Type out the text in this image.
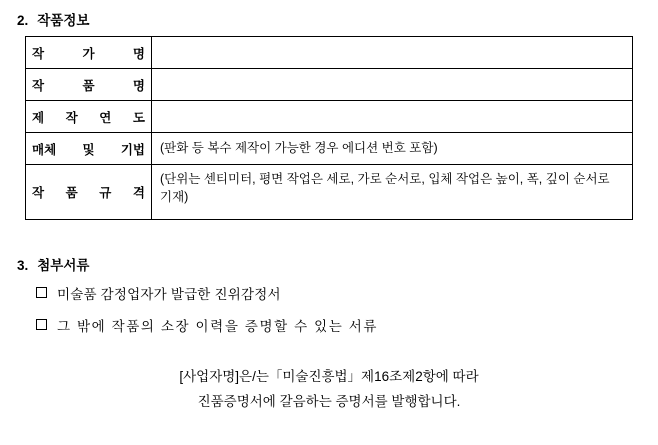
2. 작품정보
작 가 명	
작 품 명	
제 작 연 도	
매체 및 기법	(판화 등 복수 제작이 가능한 경우 에디션 번호 포함)
작 품 규 격	(단위는 센티미터, 평면 작업은 세로, 가로 순서로, 입체 작업은 높이, 폭, 깊이 순서로 기재)
3. 첨부서류
미술품 감정업자가 발급한 진위감정서
그 밖에 작품의 소장 이력을 증명할 수 있는 서류
[사업자명]은/는「미술진흥법」제16조제2항에 따라
진품증명서에 갈음하는 증명서를 발행합니다.
